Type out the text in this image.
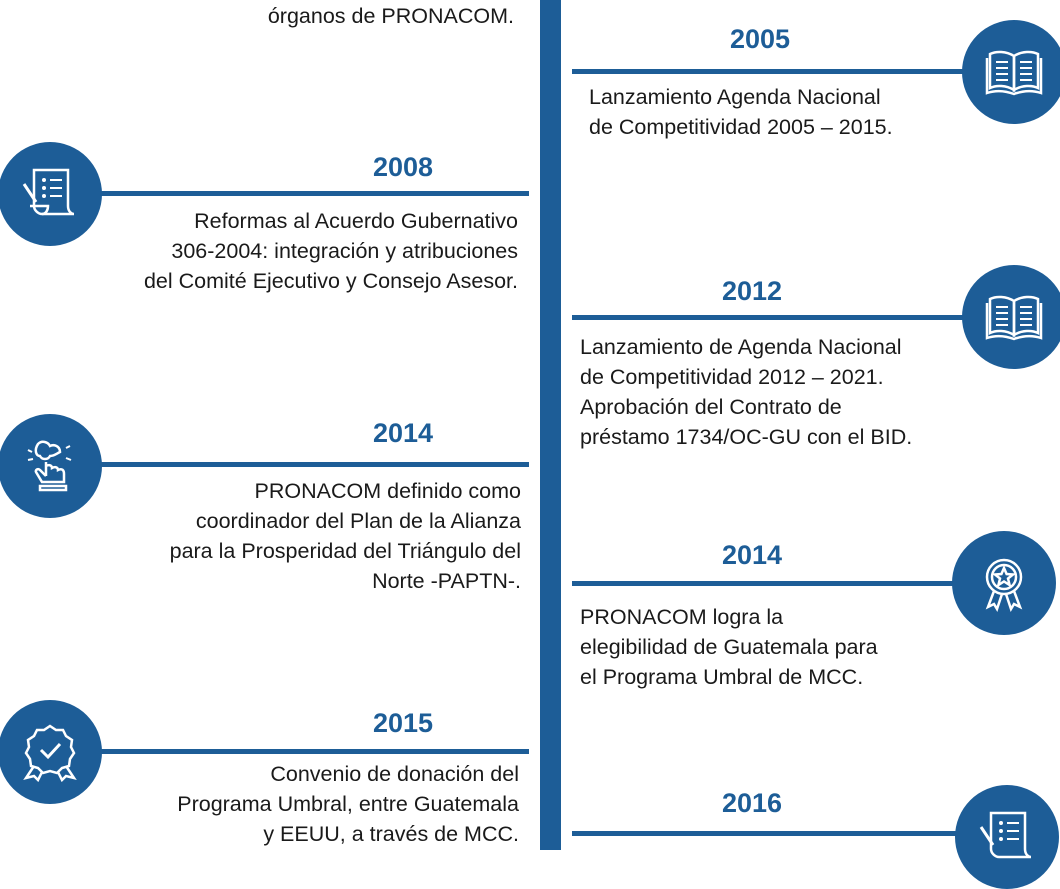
órganos de PRONACOM.
2005
Lanzamiento Agenda Nacional
de Competitividad 2005 – 2015.
2008
Reformas al Acuerdo Gubernativo
306-2004: integración y atribuciones
del Comité Ejecutivo y Consejo Asesor.	2012
Lanzamiento de Agenda Nacional
de Competitividad 2012 – 2021.
Aprobación del Contrato de
préstamo 1734/OC-GU con el BID.
2014
PRONACOM definido como
coordinador del Plan de la Alianza
para la Prosperidad del Triángulo del
Norte -PAPTN-.
2014
PRONACOM logra la
elegibilidad de Guatemala para
el Programa Umbral de MCC.
2015
Convenio de donación del
Programa Umbral, entre Guatemala
y EEUU, a través de MCC.
2016
